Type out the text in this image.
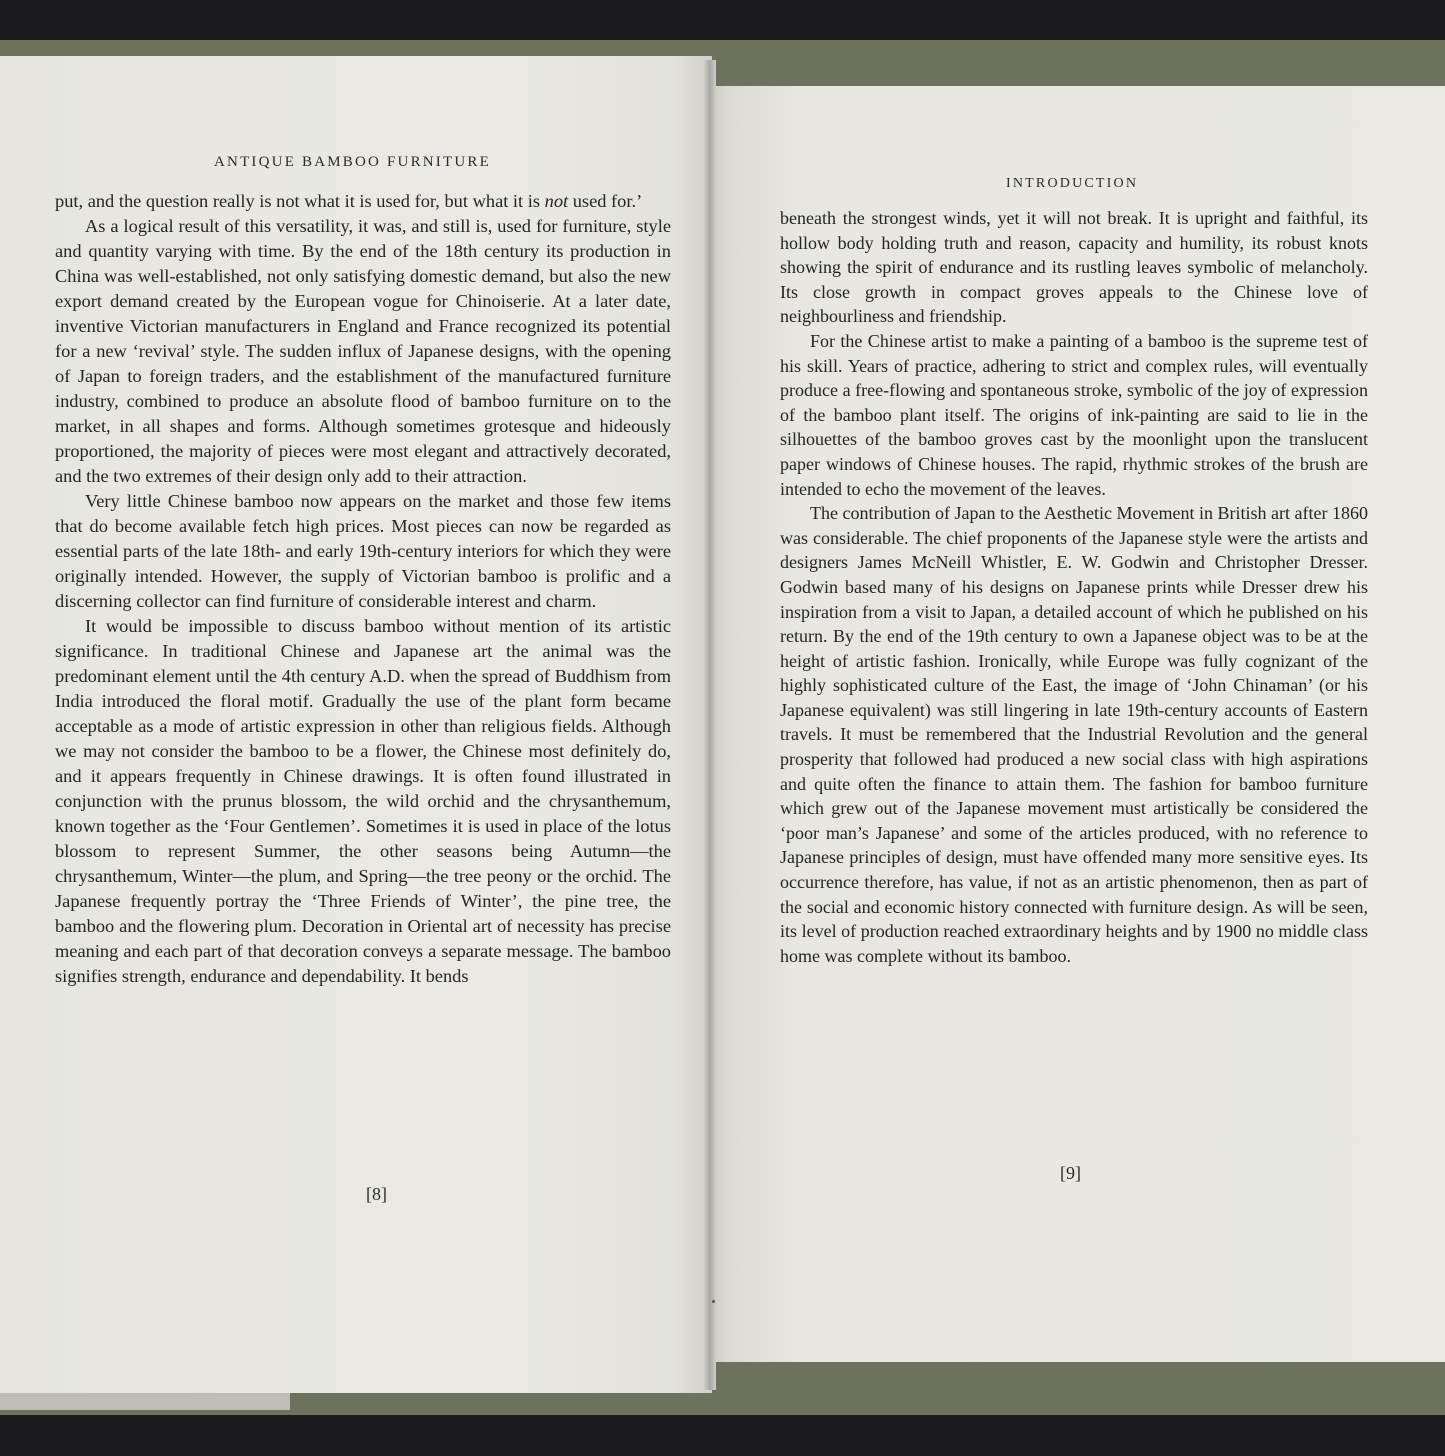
ANTIQUE BAMBOO FURNITURE

put, and the question really is not what it is used for, but what it is not used for.’

As a logical result of this versatility, it was, and still is, used for furniture, style and quantity varying with time. By the end of the 18th century its production in China was well-established, not only satisfying domestic demand, but also the new export demand created by the European vogue for Chinoiserie. At a later date, inventive Victorian manufacturers in England and France recognized its potential for a new ‘revival’ style. The sudden influx of Japanese designs, with the opening of Japan to foreign traders, and the establishment of the manufactured furniture industry, combined to produce an absolute flood of bamboo furniture on to the market, in all shapes and forms. Although sometimes grotesque and hideously proportioned, the majority of pieces were most elegant and attractively decorated, and the two extremes of their design only add to their attraction.

Very little Chinese bamboo now appears on the market and those few items that do become available fetch high prices. Most pieces can now be regarded as essential parts of the late 18th- and early 19th-century interiors for which they were originally intended. However, the supply of Victorian bamboo is prolific and a discerning collector can find furniture of considerable interest and charm.

It would be impossible to discuss bamboo without mention of its artistic significance. In traditional Chinese and Japanese art the animal was the predominant element until the 4th century A.D. when the spread of Buddhism from India introduced the floral motif. Gradually the use of the plant form became acceptable as a mode of artistic expression in other than religious fields. Although we may not consider the bamboo to be a flower, the Chinese most definitely do, and it appears frequently in Chinese drawings. It is often found illustrated in conjunction with the prunus blossom, the wild orchid and the chrysanthemum, known together as the ‘Four Gentlemen’. Sometimes it is used in place of the lotus blossom to represent Summer, the other seasons being Autumn—the chrysanthemum, Winter—the plum, and Spring—the tree peony or the orchid. The Japanese frequently portray the ‘Three Friends of Winter’, the pine tree, the bamboo and the flowering plum. Decoration in Oriental art of necessity has precise meaning and each part of that decoration conveys a separate message. The bamboo signifies strength, endurance and dependability. It bends

[8]
INTRODUCTION

beneath the strongest winds, yet it will not break. It is upright and faithful, its hollow body holding truth and reason, capacity and humility, its robust knots showing the spirit of endurance and its rustling leaves symbolic of melancholy. Its close growth in compact groves appeals to the Chinese love of neighbourliness and friendship.

For the Chinese artist to make a painting of a bamboo is the supreme test of his skill. Years of practice, adhering to strict and complex rules, will eventually produce a free-flowing and spontaneous stroke, symbolic of the joy of expression of the bamboo plant itself. The origins of ink-painting are said to lie in the silhouettes of the bamboo groves cast by the moonlight upon the translucent paper windows of Chinese houses. The rapid, rhythmic strokes of the brush are intended to echo the movement of the leaves.

The contribution of Japan to the Aesthetic Movement in British art after 1860 was considerable. The chief proponents of the Japanese style were the artists and designers James McNeill Whistler, E. W. Godwin and Christopher Dresser. Godwin based many of his designs on Japanese prints while Dresser drew his inspiration from a visit to Japan, a detailed account of which he published on his return. By the end of the 19th century to own a Japanese object was to be at the height of artistic fashion. Ironically, while Europe was fully cognizant of the highly sophisticated culture of the East, the image of ‘John Chinaman’ (or his Japanese equivalent) was still lingering in late 19th-century accounts of Eastern travels. It must be remembered that the Industrial Revolution and the general prosperity that followed had produced a new social class with high aspirations and quite often the finance to attain them. The fashion for bamboo furniture which grew out of the Japanese movement must artistically be considered the ‘poor man’s Japanese’ and some of the articles produced, with no reference to Japanese principles of design, must have offended many more sensitive eyes. Its occurrence therefore, has value, if not as an artistic phenomenon, then as part of the social and economic history connected with furniture design. As will be seen, its level of production reached extraordinary heights and by 1900 no middle class home was complete without its bamboo.

[9]
